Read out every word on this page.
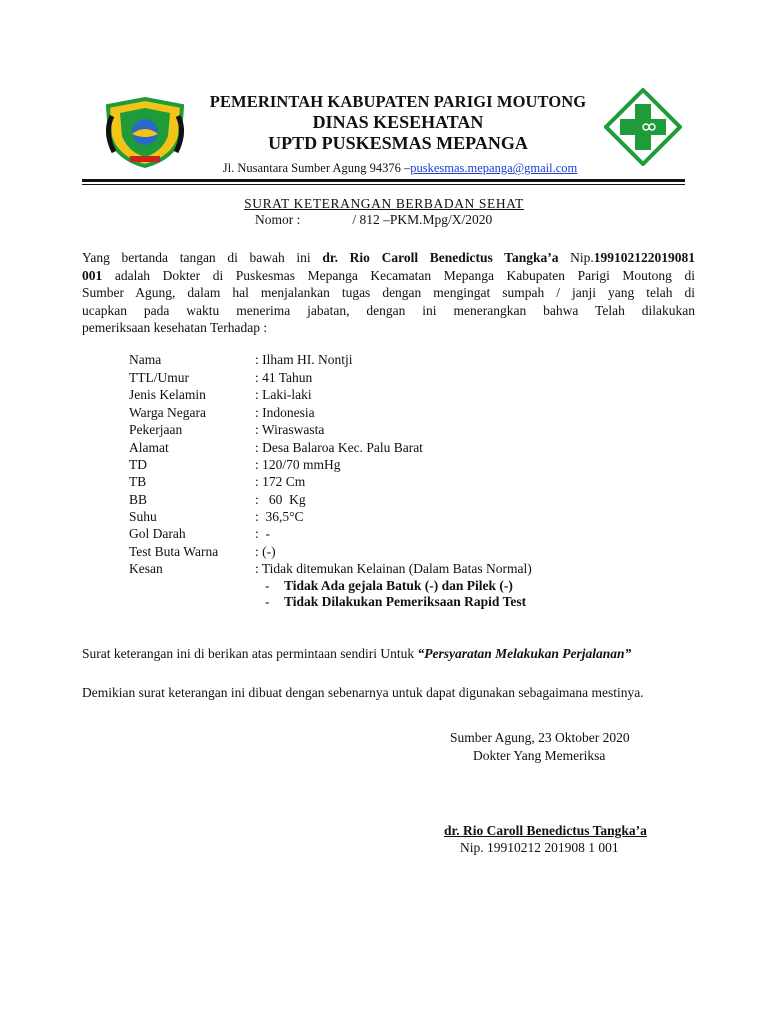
PEMERINTAH KABUPATEN PARIGI MOUTONG
DINAS KESEHATAN
UPTD PUSKESMAS MEPANGA
Jl. Nusantara Sumber Agung 94376 –puskesmas.mepanga@gmail.com
SURAT KETERANGAN BERBADAN SEHAT
Nomor :	/ 812 –PKM.Mpg/X/2020
Yang bertanda tangan di bawah ini dr. Rio Caroll Benedictus Tangka’a Nip.199102122019081
001 adalah Dokter di Puskesmas Mepanga Kecamatan Mepanga Kabupaten Parigi Moutong di
Sumber Agung, dalam hal menjalankan tugas dengan mengingat sumpah / janji yang telah di
ucapkan pada waktu menerima jabatan, dengan ini menerangkan bahwa Telah dilakukan
pemeriksaan kesehatan Terhadap :
Nama	: Ilham HI. Nontji
TTL/Umur	: 41 Tahun
Jenis Kelamin	: Laki-laki
Warga Negara	: Indonesia
Pekerjaan	: Wiraswasta
Alamat	: Desa Balaroa Kec. Palu Barat
TD	: 120/70 mmHg
TB	: 172 Cm
BB	:   60  Kg
Suhu	:  36,5°C
Gol Darah	:  -
Test Buta Warna	: (-)
Kesan	: Tidak ditemukan Kelainan (Dalam Batas Normal)
- Tidak Ada gejala Batuk (-) dan Pilek (-)
- Tidak Dilakukan Pemeriksaan Rapid Test
Surat keterangan ini di berikan atas permintaan sendiri Untuk “Persyaratan Melakukan Perjalanan”
Demikian surat keterangan ini dibuat dengan sebenarnya untuk dapat digunakan sebagaimana mestinya.
Sumber Agung, 23 Oktober 2020
Dokter Yang Memeriksa
dr. Rio Caroll Benedictus Tangka’a
Nip. 19910212 201908 1 001
